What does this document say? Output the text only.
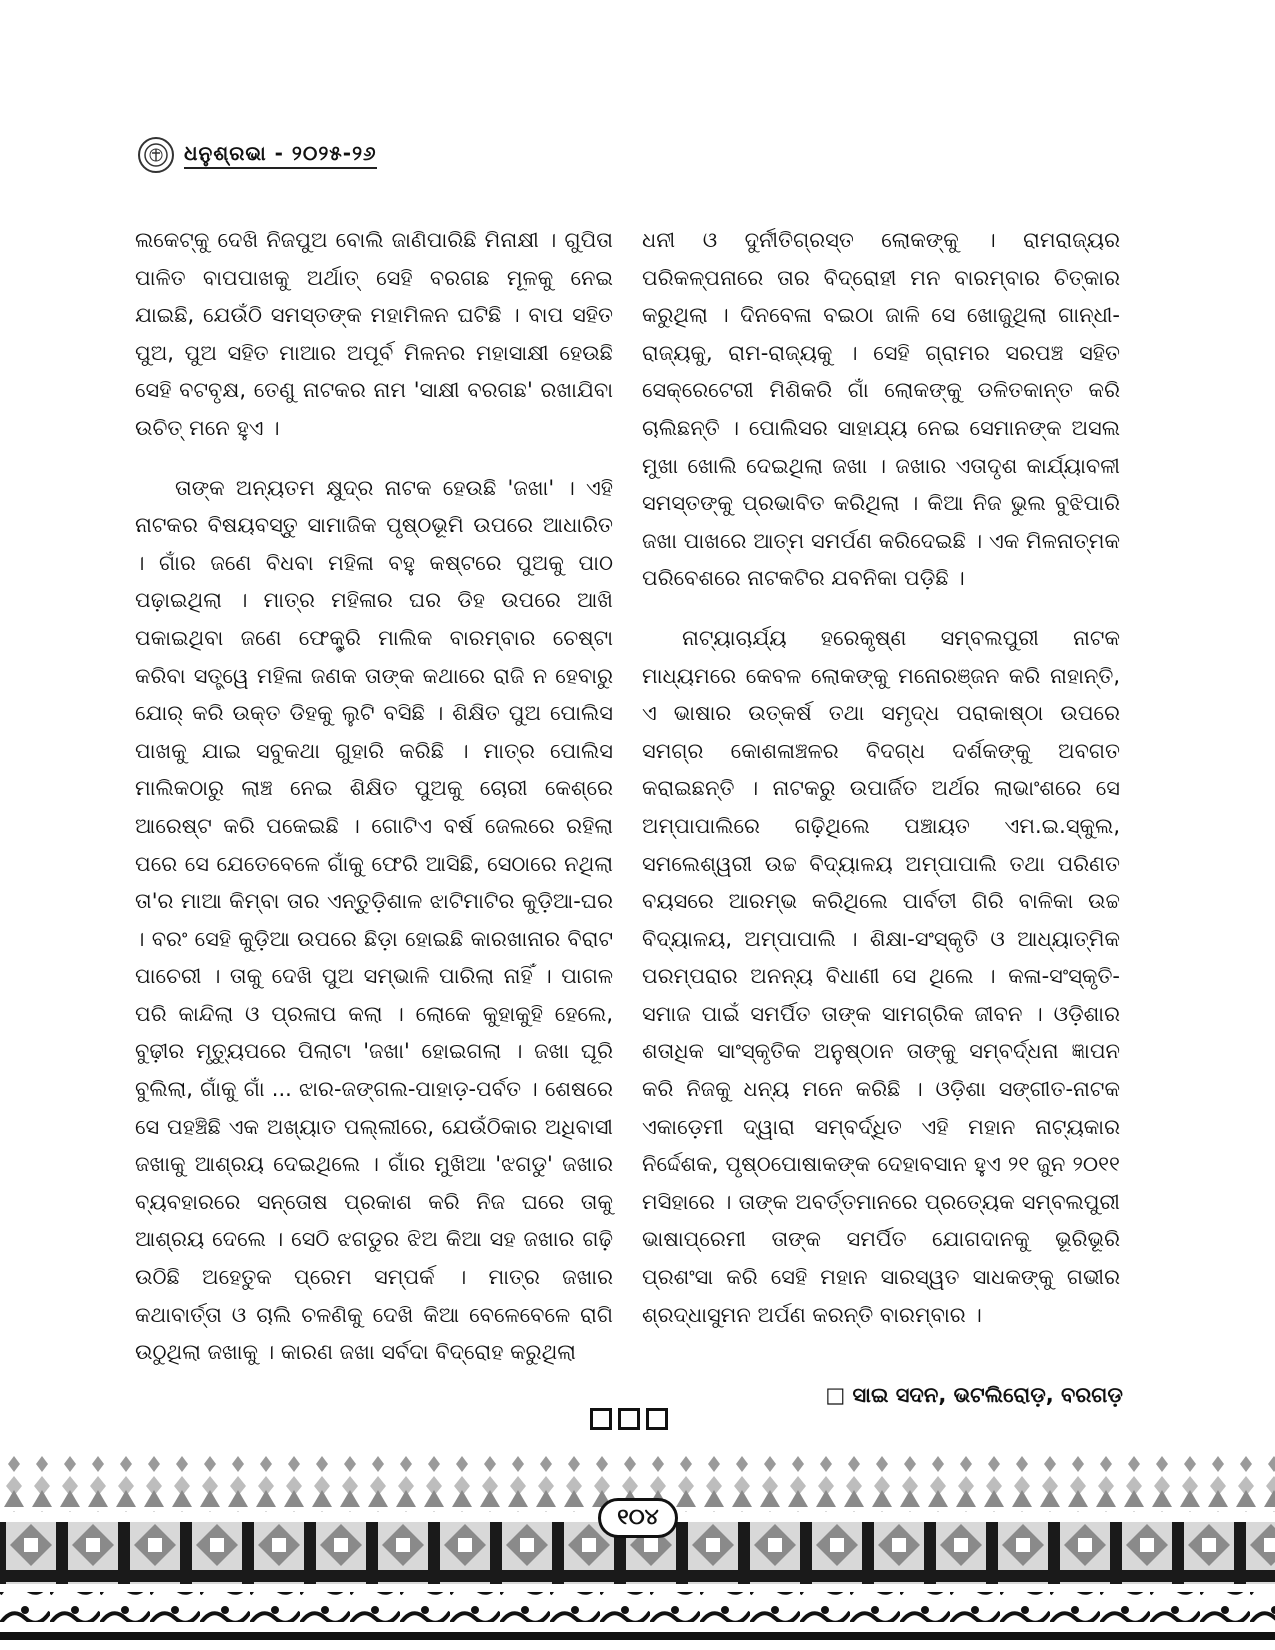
ଧନୁଶ୍ରଭା - ୨୦୨୫-୨୬

ଲକେଟ୍‌କୁ ଦେଖି ନିଜପୁଅ ବୋଲି ଜାଣିପାରିଛି ମିନାକ୍ଷୀ । ଗୁପିତା ପାଳିତ ବାପପାଖକୁ ଅର୍ଥାତ୍ ସେହି ବରଗଛ ମୂଳକୁ ନେଇ ଯାଇଛି, ଯେଉଁଠି ସମସ୍ତଙ୍କ ମହାମିଳନ ଘଟିଛି । ବାପ ସହିତ ପୁଅ, ପୁଅ ସହିତ ମାଆର ଅପୂର୍ବ ମିଳନର ମହାସାକ୍ଷୀ ହେଉଛି ସେହି ବଟବୃକ୍ଷ, ତେଣୁ ନାଟକର ନାମ 'ସାକ୍ଷୀ ବରଗଛ' ରଖାଯିବା ଉଚିତ୍ ମନେ ହୁଏ ।

ତାଙ୍କ ଅନ୍ୟତମ କ୍ଷୁଦ୍ର ନାଟକ ହେଉଛି 'ଜଖା' । ଏହି ନାଟକର ବିଷୟବସ୍ତୁ ସାମାଜିକ ପୃଷ୍ଠଭୂମି ଉପରେ ଆଧାରିତ । ଗାଁର ଜଣେ ବିଧବା ମହିଳା ବହୁ କଷ୍ଟରେ ପୁଅକୁ ପାଠ ପଢ଼ାଇଥିଲା । ମାତ୍ର ମହିଳାର ଘର ଡିହ ଉପରେ ଆଖି ପକାଇଥିବା ଜଣେ ଫେକ୍ଟ୍ରି ମାଲିକ ବାରମ୍ବାର ଚେଷ୍ଟା କରିବା ସତ୍ତ୍ୱେ ମହିଳା ଜଣକ ତାଙ୍କ କଥାରେ ରାଜି ନ ହେବାରୁ ଯୋର୍ କରି ଉକ୍ତ ଡିହକୁ ଲୁଟି ବସିଛି । ଶିକ୍ଷିତ ପୁଅ ପୋଲିସ ପାଖକୁ ଯାଇ ସବୁକଥା ଗୁହାରି କରିଛି । ମାତ୍ର ପୋଲିସ ମାଲିକଠାରୁ ଲାଞ୍ଚ ନେଇ ଶିକ୍ଷିତ ପୁଅକୁ ଚୋରୀ କେଶ୍‌ରେ ଆରେଷ୍ଟ କରି ପକେଇଛି । ଗୋଟିଏ ବର୍ଷ ଜେଲରେ ରହିଲା ପରେ ସେ ଯେତେବେଳେ ଗାଁକୁ ଫେରି ଆସିଛି, ସେଠାରେ ନଥିଲା ତା'ର ମାଆ କିମ୍ବା ତାର ଏନ୍ତୁଡ଼ିଶାଳ ଝାଟିମାଟିର କୁଡ଼ିଆ-ଘର । ବରଂ ସେହି କୁଡ଼ିଆ ଉପରେ ଛିଡ଼ା ହୋଇଛି କାରଖାନାର ବିରାଟ ପାଚେରୀ । ତାକୁ ଦେଖି ପୁଅ ସମ୍ଭାଳି ପାରିଲା ନାହିଁ । ପାଗଳ ପରି କାନ୍ଦିଲା ଓ ପ୍ରଳାପ କଲା । ଲୋକେ କୁହାକୁହି ହେଲେ, ବୁଢ଼ୀର ମୃତ୍ୟୁପରେ ପିଲାଟା 'ଜଖା' ହୋଇଗଲା । ଜଖା ଘୂରି ବୁଲିଲା, ଗାଁକୁ ଗାଁ ... ଝାର-ଜଙ୍ଗଲ-ପାହାଡ଼-ପର୍ବତ । ଶେଷରେ ସେ ପହଞ୍ଚିଛି ଏକ ଅଖ୍ୟାତ ପଲ୍ଲୀରେ, ଯେଉଁଠିକାର ଅଧିବାସୀ ଜଖାକୁ ଆଶ୍ରୟ ଦେଇଥିଲେ । ଗାଁର ମୁଖିଆ 'ଝଗଡୁ' ଜଖାର ବ୍ୟବହାରରେ ସନ୍ତୋଷ ପ୍ରକାଶ କରି ନିଜ ଘରେ ତାକୁ ଆଶ୍ରୟ ଦେଲେ । ସେଠି ଝଗଡୁର ଝିଅ କିଆ ସହ ଜଖାର ଗଢ଼ି ଉଠିଛି ଅହେତୁକ ପ୍ରେମ ସମ୍ପର୍କ । ମାତ୍ର ଜଖାର କଥାବାର୍ତ୍ତା ଓ ଚାଲି ଚଳଣିକୁ ଦେଖି କିଆ ବେଳେବେଳେ ରାଗି ଉଠୁଥିଲା ଜଖାକୁ । କାରଣ ଜଖା ସର୍ବଦା ବିଦ୍ରୋହ କରୁଥିଲା

ଧନୀ ଓ ଦୁର୍ନୀତିଗ୍ରସ୍ତ ଲୋକଙ୍କୁ । ରାମରାଜ୍ୟର ପରିକଳ୍ପନାରେ ତାର ବିଦ୍ରୋହୀ ମନ ବାରମ୍ବାର ଚିତ୍କାର କରୁଥିଲା । ଦିନବେଳା ବଇଠା ଜାଳି ସେ ଖୋଜୁଥିଲା ଗାନ୍ଧୀ-ରାଜ୍ୟକୁ, ରାମ-ରାଜ୍ୟକୁ । ସେହି ଗ୍ରାମର ସରପଞ୍ଚ ସହିତ ସେକ୍ରେଟେରୀ ମିଶିକରି ଗାଁ ଲୋକଙ୍କୁ ଡଳିତକାନ୍ତ କରି ଚାଲିଛନ୍ତି । ପୋଲିସର ସାହାଯ୍ୟ ନେଇ ସେମାନଙ୍କ ଅସଲ ମୁଖା ଖୋଲି ଦେଇଥିଲା ଜଖା । ଜଖାର ଏତାଦୃଶ କାର୍ଯ୍ୟାବଳୀ ସମସ୍ତଙ୍କୁ ପ୍ରଭାବିତ କରିଥିଲା । କିଆ ନିଜ ଭୁଲ ବୁଝିପାରି ଜଖା ପାଖରେ ଆତ୍ମ ସମର୍ପଣ କରିଦେଇଛି । ଏକ ମିଳନାତ୍ମକ ପରିବେଶରେ ନାଟକଟିର ଯବନିକା ପଡ଼ିଛି ।

ନାଟ୍ୟାଚାର୍ଯ୍ୟ ହରେକୃଷ୍ଣ ସମ୍ବଲପୁରୀ ନାଟକ ମାଧ୍ୟମରେ କେବଳ ଲୋକଙ୍କୁ ମନୋରଞ୍ଜନ କରି ନାହାନ୍ତି, ଏ ଭାଷାର ଉତ୍କର୍ଷ ତଥା ସମୃଦ୍ଧ ପରାକାଷ୍ଠା ଉପରେ ସମଗ୍ର କୋଶଳାଞ୍ଚଳର ବିଦଗ୍ଧ ଦର୍ଶକଙ୍କୁ ଅବଗତ କରାଇଛନ୍ତି । ନାଟକରୁ ଉପାର୍ଜିତ ଅର୍ଥର ଲାଭାଂଶରେ ସେ ଅମ୍ପାପାଲିରେ ଗଢ଼ିଥିଲେ ପଞ୍ଚାୟତ ଏମ.ଇ.ସ୍କୁଲ, ସମଲେଶ୍ୱରୀ ଉଚ୍ଚ ବିଦ୍ୟାଳୟ ଅମ୍ପାପାଲି ତଥା ପରିଣତ ବୟସରେ ଆରମ୍ଭ କରିଥିଲେ ପାର୍ବତୀ ଗିରି ବାଳିକା ଉଚ୍ଚ ବିଦ୍ୟାଳୟ, ଅମ୍ପାପାଲି । ଶିକ୍ଷା-ସଂସ୍କୃତି ଓ ଆଧ୍ୟାତ୍ମିକ ପରମ୍ପରାର ଅନନ୍ୟ ବିଧାଣୀ ସେ ଥିଲେ । କଳା-ସଂସ୍କୃତି-ସମାଜ ପାଇଁ ସମର୍ପିତ ତାଙ୍କ ସାମଗ୍ରିକ ଜୀବନ । ଓଡ଼ିଶାର ଶତାଧିକ ସାଂସ୍କୃତିକ ଅନୁଷ୍ଠାନ ତାଙ୍କୁ ସମ୍ବର୍ଦ୍ଧନା ଜ୍ଞାପନ କରି ନିଜକୁ ଧନ୍ୟ ମନେ କରିଛି । ଓଡ଼ିଶା ସଙ୍ଗୀତ-ନାଟକ ଏକାଡ଼େମୀ ଦ୍ୱାରା ସମ୍ବର୍ଦ୍ଧିତ ଏହି ମହାନ ନାଟ୍ୟକାର ନିର୍ଦ୍ଦେଶକ, ପୃଷ୍ଠପୋଷାକଙ୍କ ଦେହାବସାନ ହୁଏ ୨୧ ଜୁନ ୨୦୧୧ ମସିହାରେ । ତାଙ୍କ ଅବର୍ତ୍ତମାନରେ ପ୍ରତ୍ୟେକ ସମ୍ବଲପୁରୀ ଭାଷାପ୍ରେମୀ ତାଙ୍କ ସମର୍ପିତ ଯୋଗଦାନକୁ ଭୂରିଭୂରି ପ୍ରଶଂସା କରି ସେହି ମହାନ ସାରସ୍ୱତ ସାଧକଙ୍କୁ ଗଭୀର ଶ୍ରଦ୍ଧାସୁମନ ଅର୍ପଣ କରନ୍ତି ବାରମ୍ବାର ।

□ ସାଇ ସଦନ, ଭଟଲିରୋଡ଼, ବରଗଡ଼
୧୦୪
